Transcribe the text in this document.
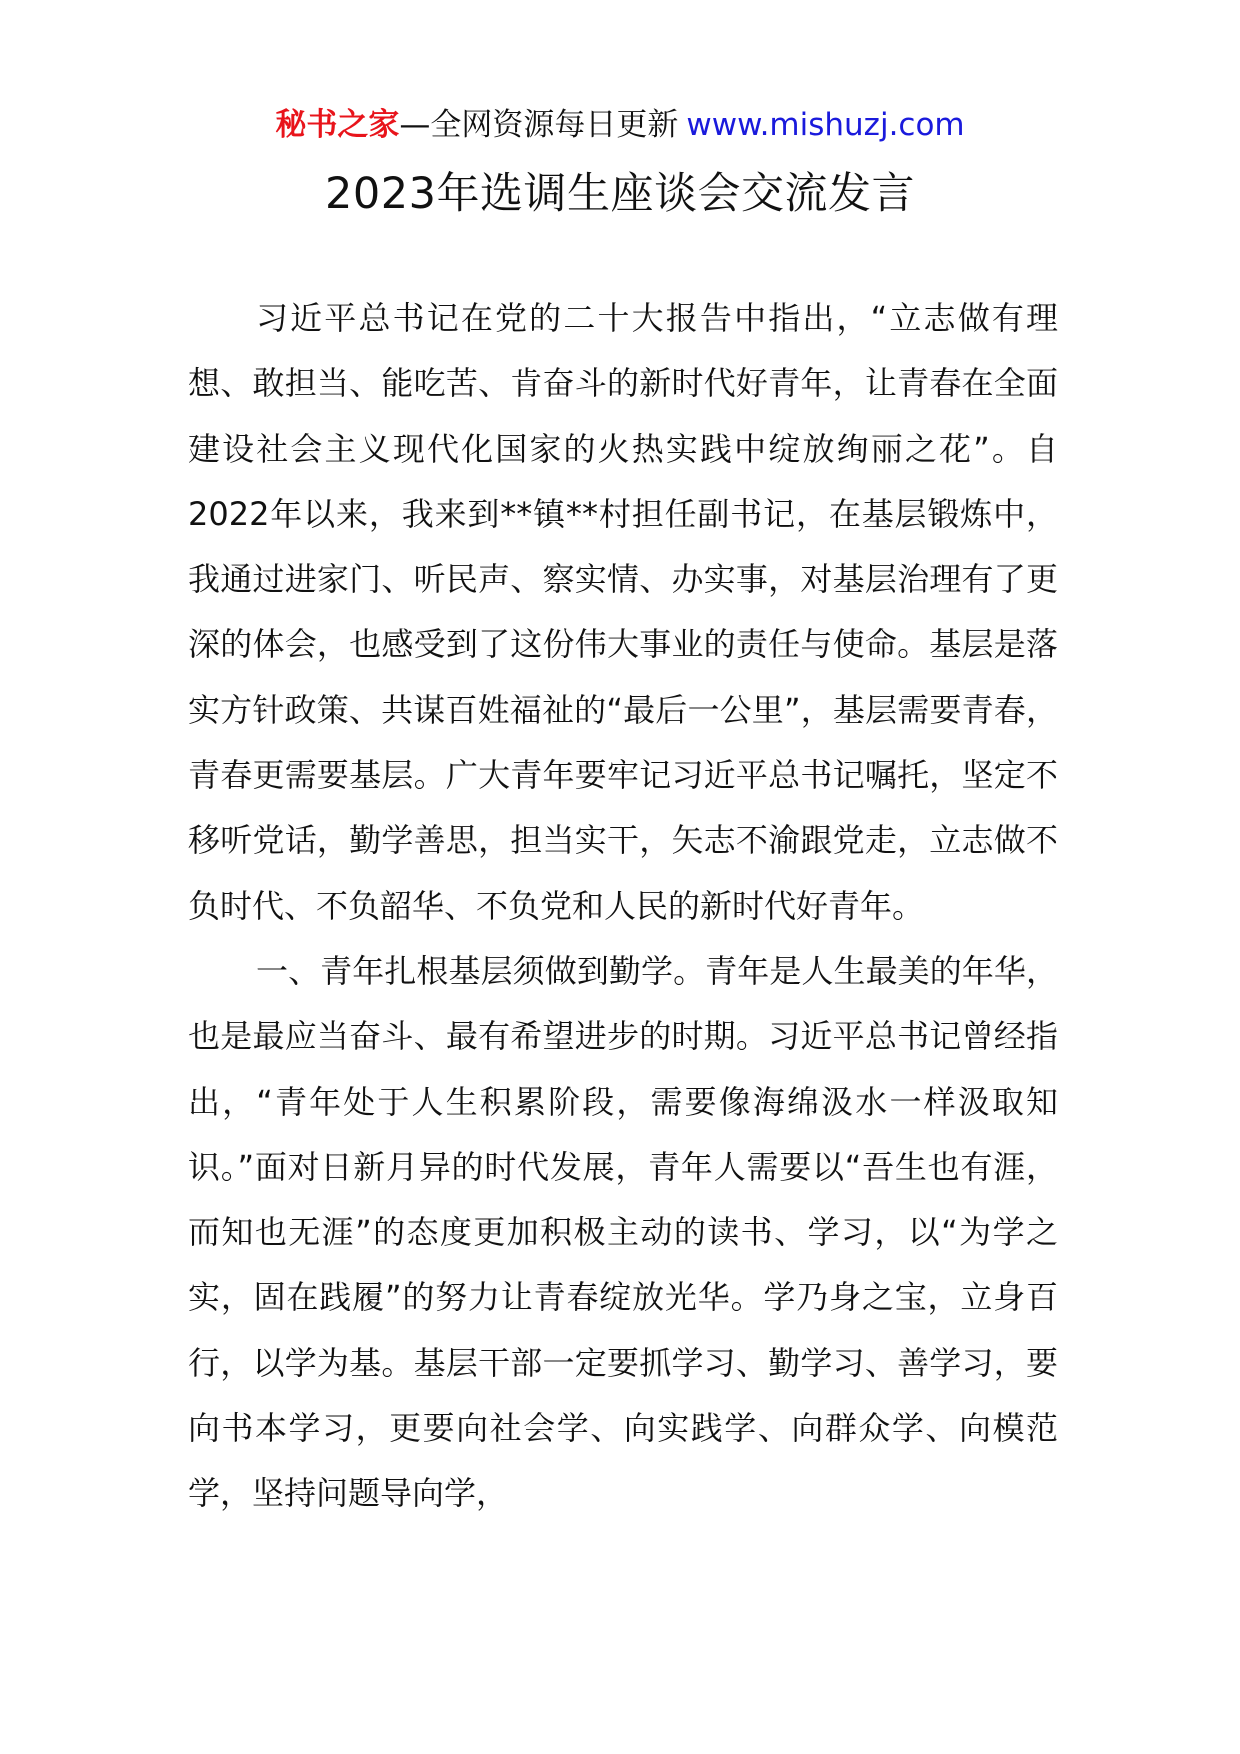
秘书之家—全网资源每日更新 www.mishuzj.com
2023年选调生座谈会交流发言

习近平总书记在党的二十大报告中指出，“立志做有理想、敢担当、能吃苦、肯奋斗的新时代好青年，让青春在全面建设社会主义现代化国家的火热实践中绽放绚丽之花”。自2022年以来，我来到**镇**村担任副书记，在基层锻炼中，我通过进家门、听民声、察实情、办实事，对基层治理有了更深的体会，也感受到了这份伟大事业的责任与使命。基层是落实方针政策、共谋百姓福祉的“最后一公里”，基层需要青春，青春更需要基层。广大青年要牢记习近平总书记嘱托，坚定不移听党话，勤学善思，担当实干，矢志不渝跟党走，立志做不负时代、不负韶华、不负党和人民的新时代好青年。

一、青年扎根基层须做到勤学。青年是人生最美的年华，也是最应当奋斗、最有希望进步的时期。习近平总书记曾经指出，“青年处于人生积累阶段，需要像海绵汲水一样汲取知识。”面对日新月异的时代发展，青年人需要以“吾生也有涯，而知也无涯”的态度更加积极主动的读书、学习，以“为学之实，固在践履”的努力让青春绽放光华。学乃身之宝，立身百行，以学为基。基层干部一定要抓学习、勤学习、善学习，要向书本学习，更要向社会学、向实践学、向群众学、向模范学，坚持问题导向学，
